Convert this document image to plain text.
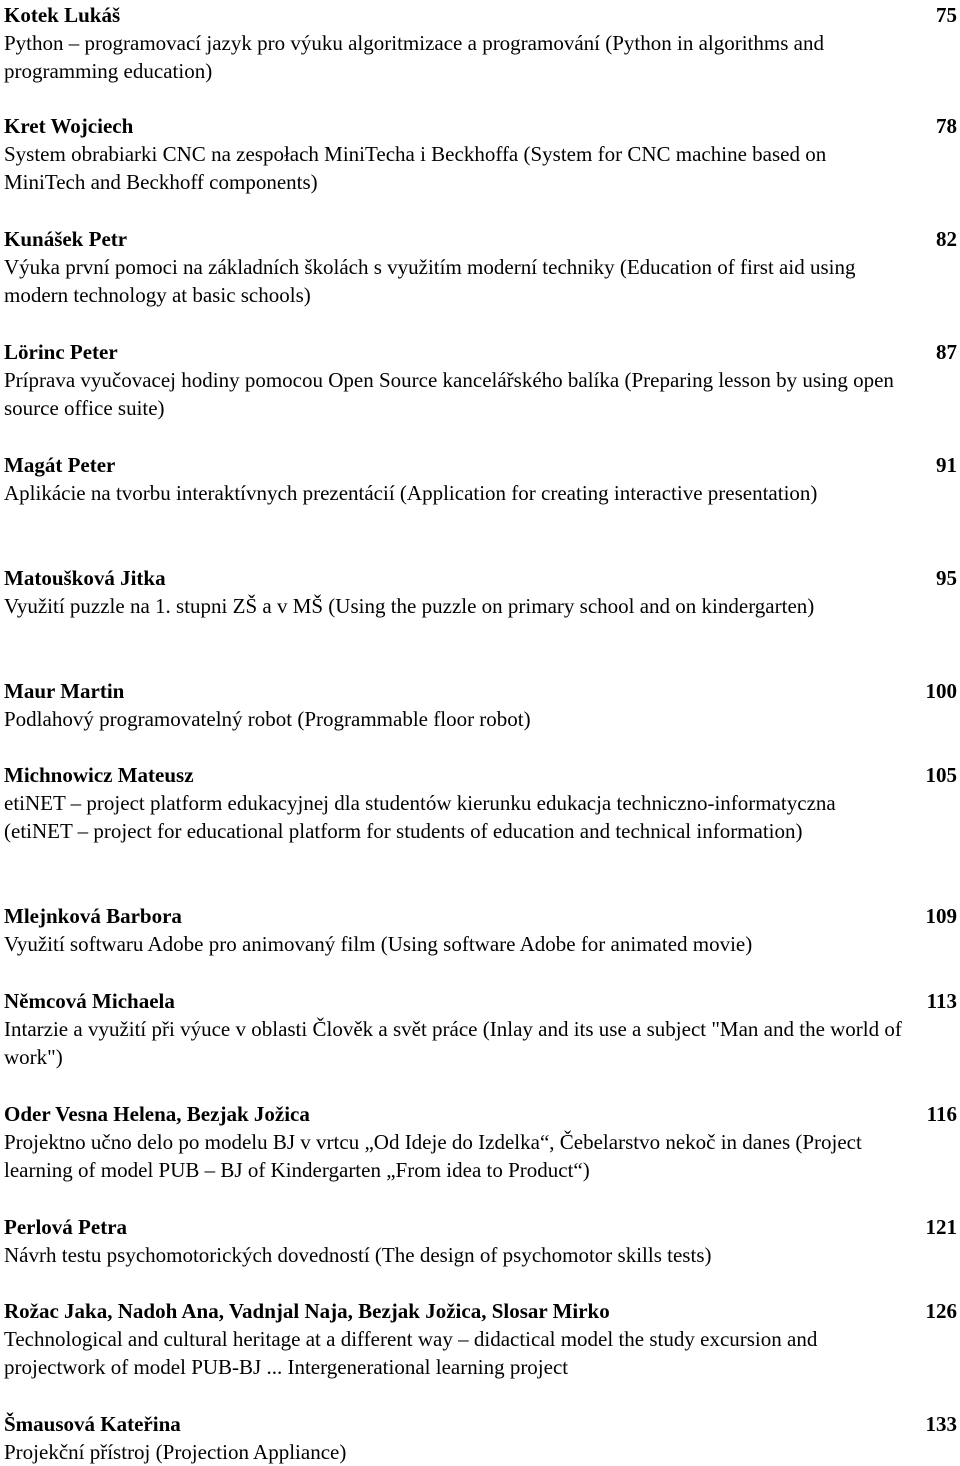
Kotek Lukáš	75
Python – programovací jazyk pro výuku algoritmizace a programování (Python in algorithms and programming education)
Kret Wojciech	78
System obrabiarki CNC na zespołach MiniTecha i Beckhoffa (System for CNC machine based on MiniTech and Beckhoff components)
Kunášek Petr	82
Výuka první pomoci na základních školách s využitím moderní techniky (Education of first aid using modern technology at basic schools)
Lörinc Peter	87
Príprava vyučovacej hodiny pomocou Open Source kancelářského balíka (Preparing lesson by using open source office suite)
Magát Peter	91
Aplikácie na tvorbu interaktívnych prezentácií (Application for creating interactive presentation)
Matoušková Jitka	95
Využití puzzle na 1. stupni ZŠ a v MŠ (Using the puzzle on primary school and on kindergarten)
Maur Martin	100
Podlahový programovatelný robot (Programmable floor robot)
Michnowicz Mateusz	105
etiNET – project platform edukacyjnej dla studentów kierunku edukacja techniczno-informatyczna (etiNET – project for educational platform for students of education and technical information)
Mlejnková Barbora	109
Využití softwaru Adobe pro animovaný film (Using software Adobe for animated movie)
Němcová Michaela	113
Intarzie a využití při výuce v oblasti Člověk a svět práce (Inlay and its use a subject "Man and the world of work")
Oder Vesna Helena, Bezjak Jožica	116
Projektno učno delo po modelu BJ v vrtcu „Od Ideje do Izdelka“, Čebelarstvo nekoč in danes (Project learning of model PUB – BJ of Kindergarten „From idea to Product“)
Perlová Petra	121
Návrh testu psychomotorických dovedností (The design of psychomotor skills tests)
Rožac Jaka, Nadoh Ana, Vadnjal Naja, Bezjak Jožica, Slosar Mirko	126
Technological and cultural heritage at a different way – didactical model the study excursion and projectwork of model PUB-BJ ... Intergenerational learning project
Šmausová Kateřina	133
Projekční přístroj (Projection Appliance)
